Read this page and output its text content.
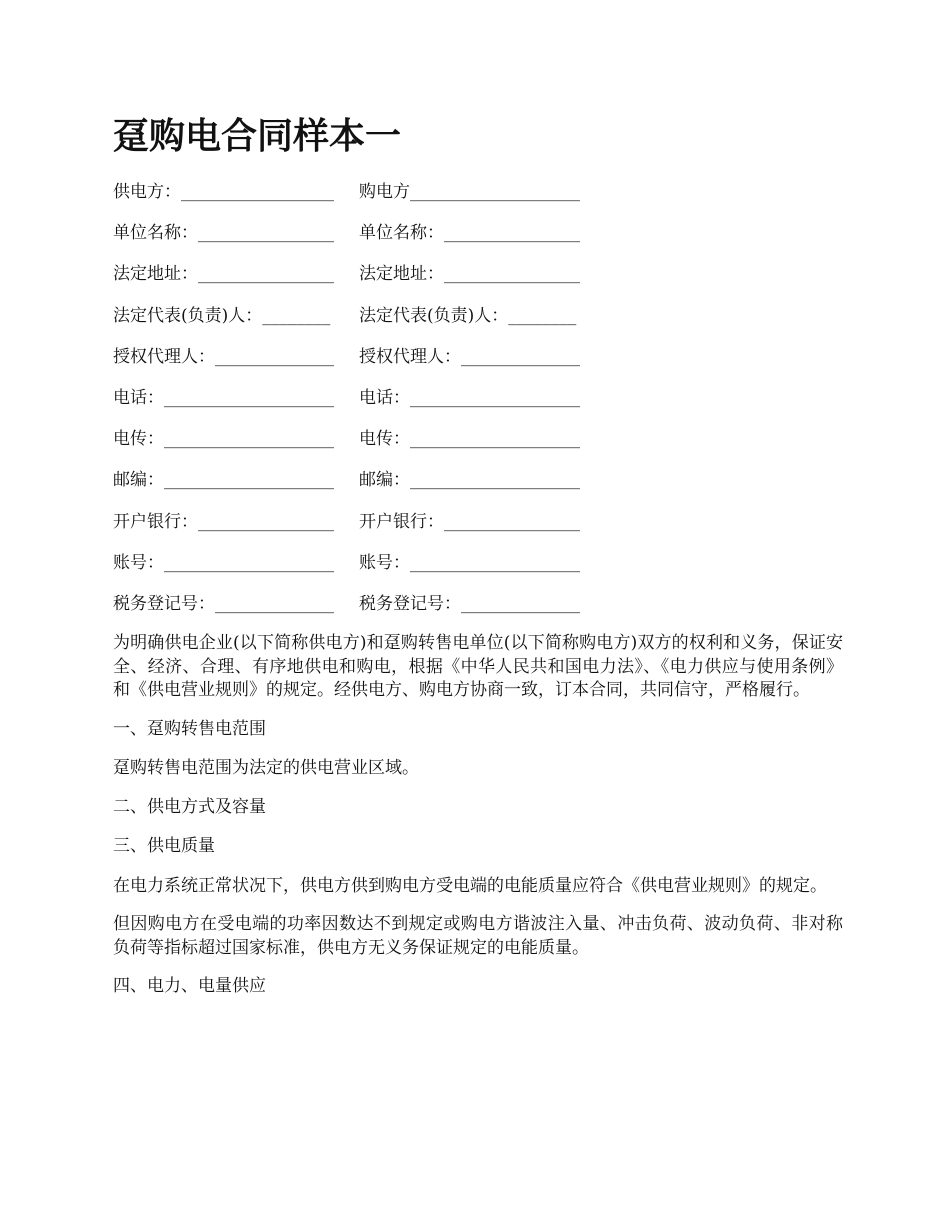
趸购电合同样本一
供电方：__________________ 购电方____________________
单位名称：________________ 单位名称：________________
法定地址：________________ 法定地址：________________
法定代表(负责)人：________ 法定代表(负责)人：________
授权代理人：______________ 授权代理人：______________
电话：____________________ 电话：____________________
电传：____________________ 电传：____________________
邮编：____________________ 邮编：____________________
开户银行：________________ 开户银行：________________
账号：____________________ 账号：____________________
税务登记号：______________ 税务登记号：______________

为明确供电企业(以下简称供电方)和趸购转售电单位(以下简称购电方)双方的权利和义务，保证安全、经济、合理、有序地供电和购电，根据《中华人民共和国电力法》、《电力供应与使用条例》和《供电营业规则》的规定。经供电方、购电方协商一致，订本合同，共同信守，严格履行。

一、趸购转售电范围

趸购转售电范围为法定的供电营业区域。

二、供电方式及容量

三、供电质量

在电力系统正常状况下，供电方供到购电方受电端的电能质量应符合《供电营业规则》的规定。

但因购电方在受电端的功率因数达不到规定或购电方谐波注入量、冲击负荷、波动负荷、非对称负荷等指标超过国家标准，供电方无义务保证规定的电能质量。

四、电力、电量供应
